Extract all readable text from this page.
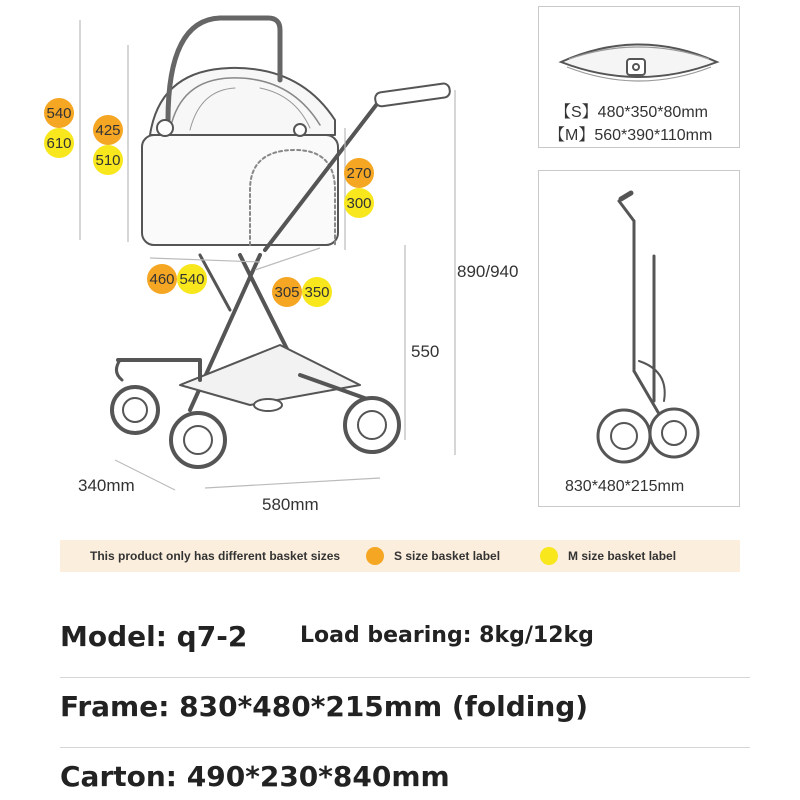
540
610
425
510
270
300
460 540
305 350
890/940
550
340mm
580mm
【S】480*350*80mm
【M】560*390*110mm
830*480*215mm
This product only has different basket sizes	S size basket label	M size basket label
Model: q7-2 Load bearing: 8kg/12kg
Frame: 830*480*215mm (folding)
Carton: 490*230*840mm
